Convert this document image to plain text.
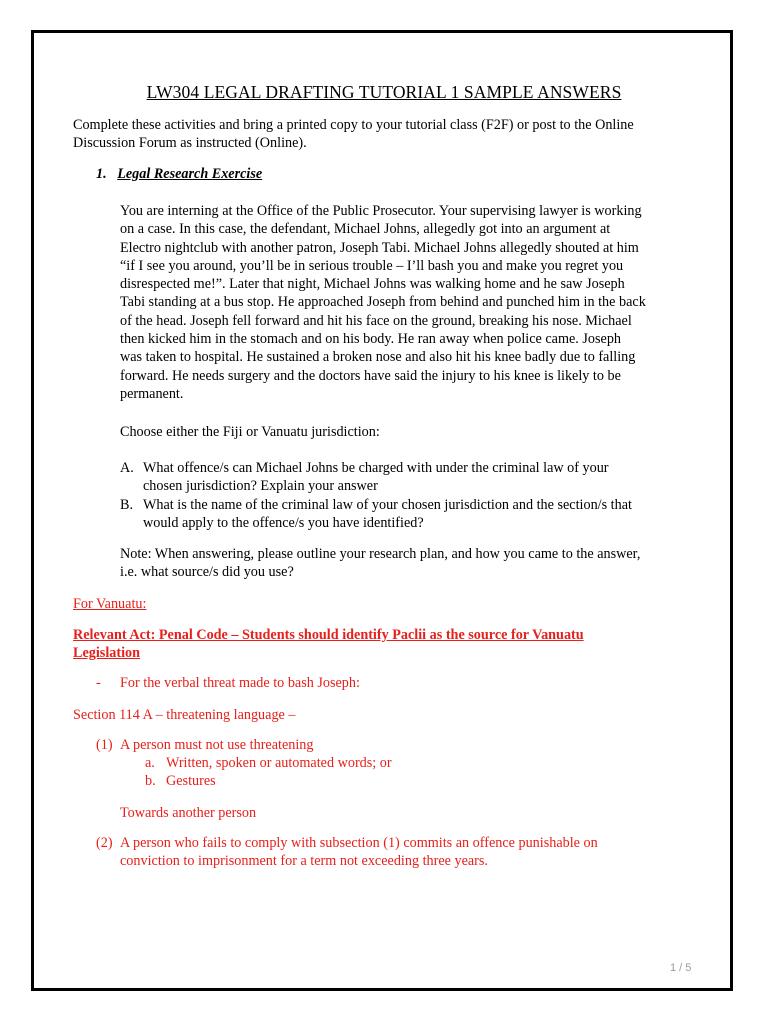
LW304 LEGAL DRAFTING TUTORIAL 1 SAMPLE ANSWERS

Complete these activities and bring a printed copy to your tutorial class (F2F) or post to the Online

Discussion Forum as instructed (Online).

1. Legal Research Exercise
You are interning at the Office of the Public Prosecutor. Your supervising lawyer is working
on a case. In this case, the defendant, Michael Johns, allegedly got into an argument at
Electro nightclub with another patron, Joseph Tabi. Michael Johns allegedly shouted at him
“if I see you around, you’ll be in serious trouble – I’ll bash you and make you regret you
disrespected me!”. Later that night, Michael Johns was walking home and he saw Joseph
Tabi standing at a bus stop. He approached Joseph from behind and punched him in the back
of the head. Joseph fell forward and hit his face on the ground, breaking his nose. Michael
then kicked him in the stomach and on his body. He ran away when police came. Joseph
was taken to hospital. He sustained a broken nose and also hit his knee badly due to falling
forward. He needs surgery and the doctors have said the injury to his knee is likely to be
permanent.

Choose either the Fiji or Vanuatu jurisdiction:

A. What offence/s can Michael Johns be charged with under the criminal law of your
chosen jurisdiction? Explain your answer
B. What is the name of the criminal law of your chosen jurisdiction and the section/s that
would apply to the offence/s you have identified?
Note: When answering, please outline your research plan, and how you came to the answer,
i.e. what source/s did you use?

For Vanuatu:

Relevant Act: Penal Code – Students should identify Paclii as the source for Vanuatu
Legislation
- For the verbal threat made to bash Joseph:

Section 114 A – threatening language –

(1) A person must not use threatening
a. Written, spoken or automated words; or
b. Gestures

Towards another person

(2) A person who fails to comply with subsection (1) commits an offence punishable on
conviction to imprisonment for a term not exceeding three years.
1 / 5
